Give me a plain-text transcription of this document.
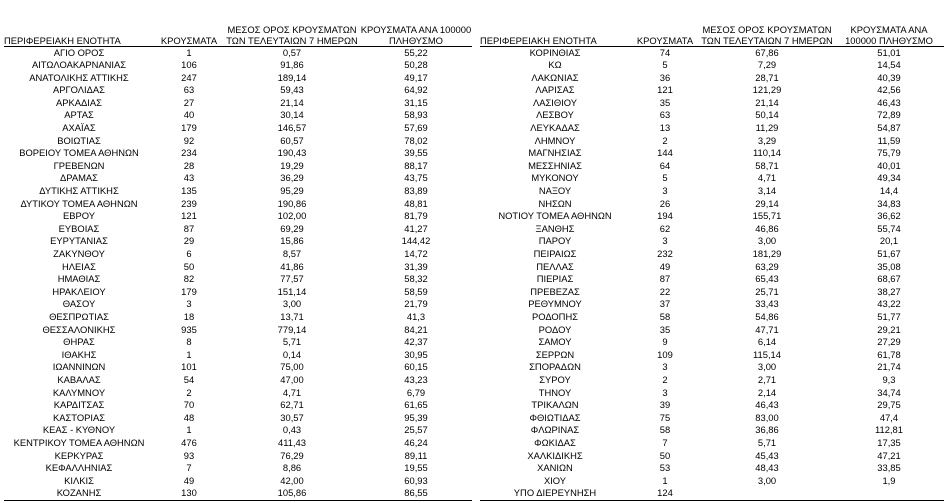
ΠΕΡΙΦΕΡΕΙΑΚΗ ΕΝΟΤΗΤΑ	ΚΡΟΥΣΜΑΤΑ	ΜΕΣΟΣ ΟΡΟΣ ΚΡΟΥΣΜΑΤΩΝ ΤΩΝ ΤΕΛΕΥΤΑΙΩΝ 7 ΗΜΕΡΩΝ	ΚΡΟΥΣΜΑΤΑ ΑΝΑ 100000 ΠΛΗΘΥΣΜΟ
ΑΓΙΟ ΟΡΟΣ	1	0,57	55,22
ΑΙΤΩΛΟΑΚΑΡΝΑΝΙΑΣ	106	91,86	50,28
ΑΝΑΤΟΛΙΚΗΣ ΑΤΤΙΚΗΣ	247	189,14	49,17
ΑΡΓΟΛΙΔΑΣ	63	59,43	64,92
ΑΡΚΑΔΙΑΣ	27	21,14	31,15
ΑΡΤΑΣ	40	30,14	58,93
ΑΧΑΪΑΣ	179	146,57	57,69
ΒΟΙΩΤΙΑΣ	92	60,57	78,02
ΒΟΡΕΙΟΥ ΤΟΜΕΑ ΑΘΗΝΩΝ	234	190,43	39,55
ΓΡΕΒΕΝΩΝ	28	19,29	88,17
ΔΡΑΜΑΣ	43	36,29	43,75
ΔΥΤΙΚΗΣ ΑΤΤΙΚΗΣ	135	95,29	83,89
ΔΥΤΙΚΟΥ ΤΟΜΕΑ ΑΘΗΝΩΝ	239	190,86	48,81
ΕΒΡΟΥ	121	102,00	81,79
ΕΥΒΟΙΑΣ	87	69,29	41,27
ΕΥΡΥΤΑΝΙΑΣ	29	15,86	144,42
ΖΑΚΥΝΘΟΥ	6	8,57	14,72
ΗΛΕΙΑΣ	50	41,86	31,39
ΗΜΑΘΙΑΣ	82	77,57	58,32
ΗΡΑΚΛΕΙΟΥ	179	151,14	58,59
ΘΑΣΟΥ	3	3,00	21,79
ΘΕΣΠΡΩΤΙΑΣ	18	13,71	41,3
ΘΕΣΣΑΛΟΝΙΚΗΣ	935	779,14	84,21
ΘΗΡΑΣ	8	5,71	42,37
ΙΘΑΚΗΣ	1	0,14	30,95
ΙΩΑΝΝΙΝΩΝ	101	75,00	60,15
ΚΑΒΑΛΑΣ	54	47,00	43,23
ΚΑΛΥΜΝΟΥ	2	4,71	6,79
ΚΑΡΔΙΤΣΑΣ	70	62,71	61,65
ΚΑΣΤΟΡΙΑΣ	48	30,57	95,39
ΚΕΑΣ - ΚΥΘΝΟΥ	1	0,43	25,57
ΚΕΝΤΡΙΚΟΥ ΤΟΜΕΑ ΑΘΗΝΩΝ	476	411,43	46,24
ΚΕΡΚΥΡΑΣ	93	76,29	89,11
ΚΕΦΑΛΛΗΝΙΑΣ	7	8,86	19,55
ΚΙΛΚΙΣ	49	42,00	60,93
ΚΟΖΑΝΗΣ	130	105,86	86,55
ΠΕΡΙΦΕΡΕΙΑΚΗ ΕΝΟΤΗΤΑ	ΚΡΟΥΣΜΑΤΑ	ΜΕΣΟΣ ΟΡΟΣ ΚΡΟΥΣΜΑΤΩΝ ΤΩΝ ΤΕΛΕΥΤΑΙΩΝ 7 ΗΜΕΡΩΝ	ΚΡΟΥΣΜΑΤΑ ΑΝΑ 100000 ΠΛΗΘΥΣΜΟ
ΚΟΡΙΝΘΙΑΣ	74	67,86	51,01
ΚΩ	5	7,29	14,54
ΛΑΚΩΝΙΑΣ	36	28,71	40,39
ΛΑΡΙΣΑΣ	121	121,29	42,56
ΛΑΣΙΘΙΟΥ	35	21,14	46,43
ΛΕΣΒΟΥ	63	50,14	72,89
ΛΕΥΚΑΔΑΣ	13	11,29	54,87
ΛΗΜΝΟΥ	2	3,29	11,59
ΜΑΓΝΗΣΙΑΣ	144	110,14	75,79
ΜΕΣΣΗΝΙΑΣ	64	58,71	40,01
ΜΥΚΟΝΟΥ	5	4,71	49,34
ΝΑΞΟΥ	3	3,14	14,4
ΝΗΣΩΝ	26	29,14	34,83
ΝΟΤΙΟΥ ΤΟΜΕΑ ΑΘΗΝΩΝ	194	155,71	36,62
ΞΑΝΘΗΣ	62	46,86	55,74
ΠΑΡΟΥ	3	3,00	20,1
ΠΕΙΡΑΙΩΣ	232	181,29	51,67
ΠΕΛΛΑΣ	49	63,29	35,08
ΠΙΕΡΙΑΣ	87	65,43	68,67
ΠΡΕΒΕΖΑΣ	22	25,71	38,27
ΡΕΘΥΜΝΟΥ	37	33,43	43,22
ΡΟΔΟΠΗΣ	58	54,86	51,77
ΡΟΔΟΥ	35	47,71	29,21
ΣΑΜΟΥ	9	6,14	27,29
ΣΕΡΡΩΝ	109	115,14	61,78
ΣΠΟΡΑΔΩΝ	3	3,00	21,74
ΣΥΡΟΥ	2	2,71	9,3
ΤΗΝΟΥ	3	2,14	34,74
ΤΡΙΚΑΛΩΝ	39	46,43	29,75
ΦΘΙΩΤΙΔΑΣ	75	83,00	47,4
ΦΛΩΡΙΝΑΣ	58	36,86	112,81
ΦΩΚΙΔΑΣ	7	5,71	17,35
ΧΑΛΚΙΔΙΚΗΣ	50	45,43	47,21
ΧΑΝΙΩΝ	53	48,43	33,85
ΧΙΟΥ	1	3,00	1,9
ΥΠΟ ΔΙΕΡΕΥΝΗΣΗ	124		
